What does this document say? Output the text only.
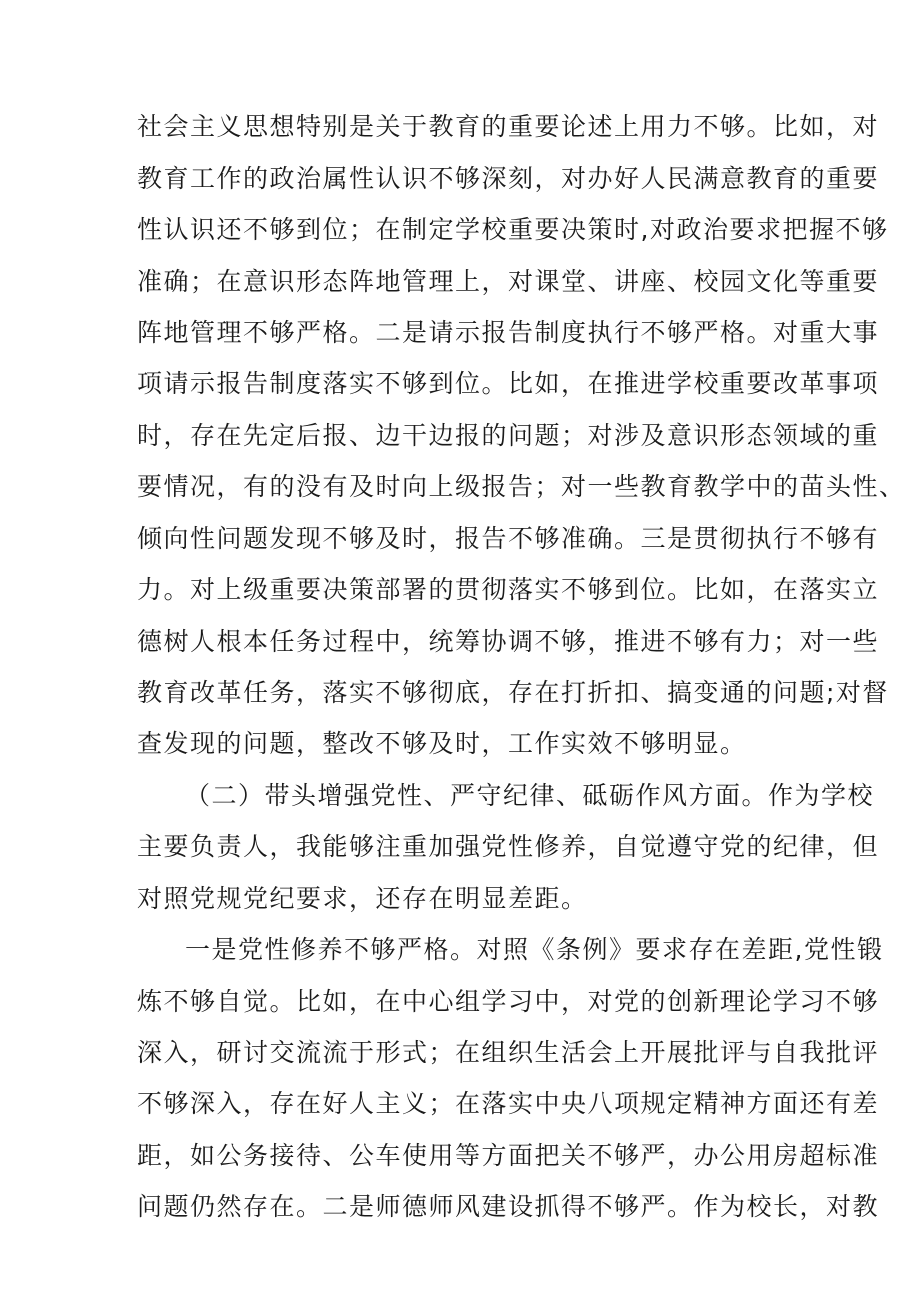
社会主义思想特别是关于教育的重要论述上用力不够。比如，对
教育工作的政治属性认识不够深刻，对办好人民满意教育的重要
性认识还不够到位；在制定学校重要决策时,对政治要求把握不够
准确；在意识形态阵地管理上，对课堂、讲座、校园文化等重要
阵地管理不够严格。二是请示报告制度执行不够严格。对重大事
项请示报告制度落实不够到位。比如，在推进学校重要改革事项
时，存在先定后报、边干边报的问题；对涉及意识形态领域的重
要情况，有的没有及时向上级报告；对一些教育教学中的苗头性、
倾向性问题发现不够及时，报告不够准确。三是贯彻执行不够有
力。对上级重要决策部署的贯彻落实不够到位。比如，在落实立
德树人根本任务过程中，统筹协调不够，推进不够有力；对一些
教育改革任务，落实不够彻底，存在打折扣、搞变通的问题;对督
查发现的问题，整改不够及时，工作实效不够明显。
（二）带头增强党性、严守纪律、砥砺作风方面。作为学校
主要负责人，我能够注重加强党性修养，自觉遵守党的纪律，但
对照党规党纪要求，还存在明显差距。
一是党性修养不够严格。对照《条例》要求存在差距,党性锻
炼不够自觉。比如，在中心组学习中，对党的创新理论学习不够
深入，研讨交流流于形式；在组织生活会上开展批评与自我批评
不够深入，存在好人主义；在落实中央八项规定精神方面还有差
距，如公务接待、公车使用等方面把关不够严，办公用房超标准
问题仍然存在。二是师德师风建设抓得不够严。作为校长，对教
